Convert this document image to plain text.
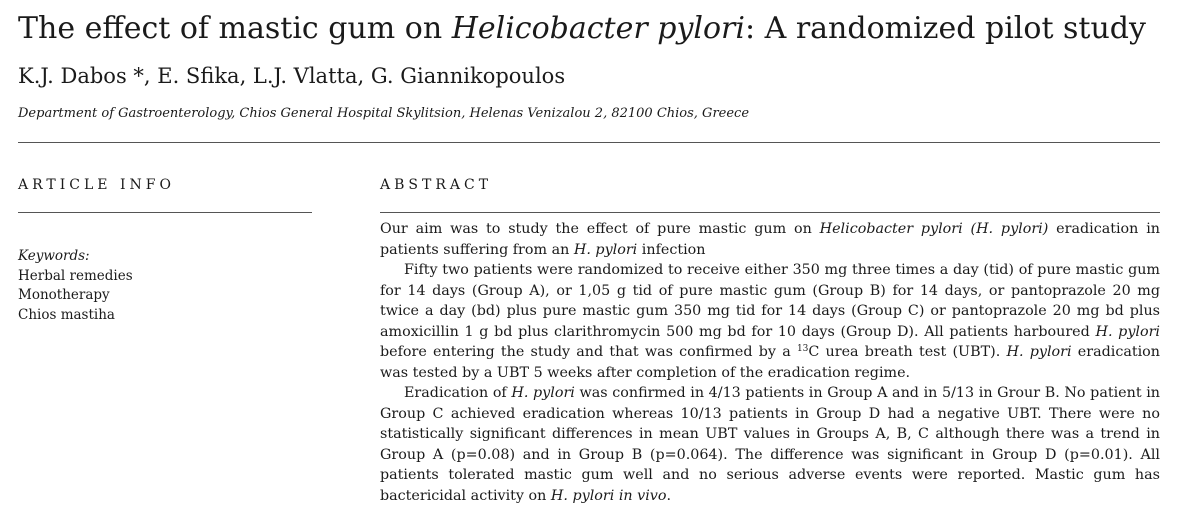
The effect of mastic gum on Helicobacter pylori: A randomized pilot study
K.J. Dabos *, E. Sfika, L.J. Vlatta, G. Giannikopoulos
Department of Gastroenterology, Chios General Hospital Skylitsion, Helenas Venizalou 2, 82100 Chios, Greece
ARTICLE INFO	ABSTRACT
Keywords:
Herbal remedies
Monotherapy
Chios mastiha

Our aim was to study the effect of pure mastic gum on Helicobacter pylori (H. pylori) eradication in patients suffering from an H. pylori infection

Fifty two patients were randomized to receive either 350 mg three times a day (tid) of pure mastic gum for 14 days (Group A), or 1,05 g tid of pure mastic gum (Group B) for 14 days, or pantoprazole 20 mg twice a day (bd) plus pure mastic gum 350 mg tid for 14 days (Group C) or pantoprazole 20 mg bd plus amoxicillin 1 g bd plus clarithromycin 500 mg bd for 10 days (Group D). All patients harboured H. pylori before entering the study and that was confirmed by a $^{13}$C urea breath test (UBT). H. pylori eradication was tested by a UBT 5 weeks after completion of the eradication regime.

Eradication of H. pylori was confirmed in 4/13 patients in Group A and in 5/13 in Grour B. No patient in Group C achieved eradication whereas 10/13 patients in Group D had a negative UBT. There were no statistically significant differences in mean UBT values in Groups A, B, C although there was a trend in Group A (p=0.08) and in Group B (p=0.064). The difference was significant in Group D (p=0.01). All patients tolerated mastic gum well and no serious adverse events were reported. Mastic gum has bactericidal activity on H. pylori in vivo.
